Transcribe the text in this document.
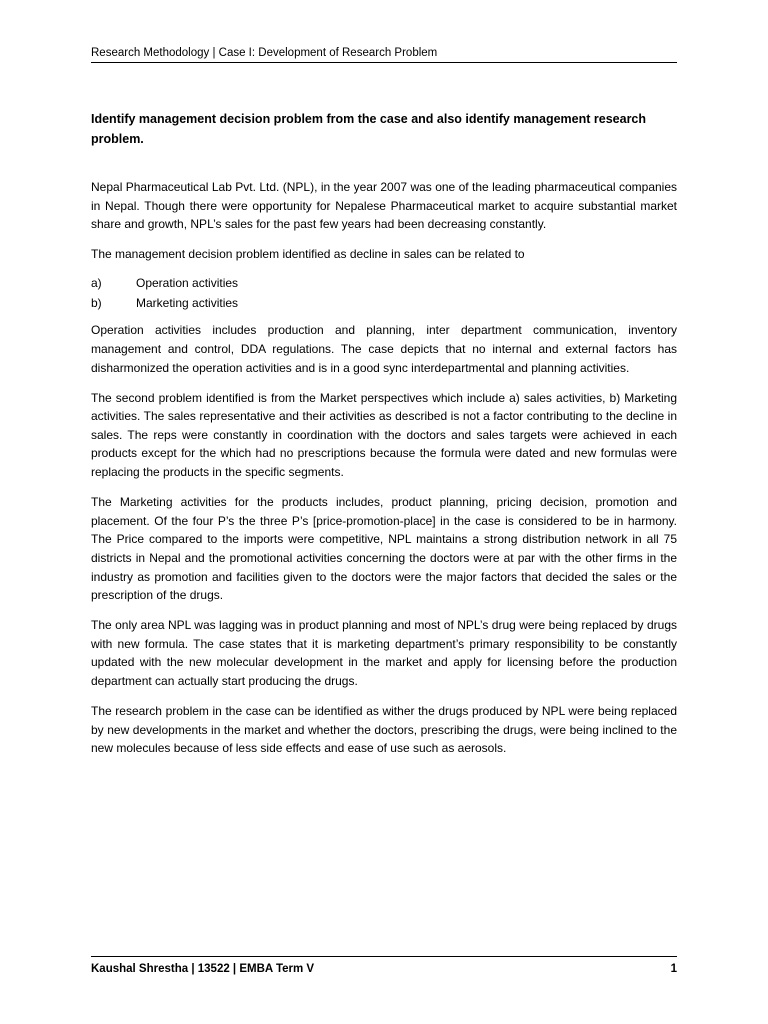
Research Methodology | Case I: Development of Research Problem
Identify management decision problem from the case and also identify management research problem.

Nepal Pharmaceutical Lab Pvt. Ltd. (NPL), in the year 2007 was one of the leading pharmaceutical companies in Nepal. Though there were opportunity for Nepalese Pharmaceutical market to acquire substantial market share and growth, NPL’s sales for the past few years had been decreasing constantly.

The management decision problem identified as decline in sales can be related to

a)	Operation activities
b)	Marketing activities

Operation activities includes production and planning, inter department communication, inventory management and control, DDA regulations. The case depicts that no internal and external factors has disharmonized the operation activities and is in a good sync interdepartmental and planning activities.

The second problem identified is from the Market perspectives which include a) sales activities, b) Marketing activities. The sales representative and their activities as described is not a factor contributing to the decline in sales. The reps were constantly in coordination with the doctors and sales targets were achieved in each products except for the which had no prescriptions because the formula were dated and new formulas were replacing the products in the specific segments.

The Marketing activities for the products includes, product planning, pricing decision, promotion and placement. Of the four P’s the three P’s [price-promotion-place] in the case is considered to be in harmony. The Price compared to the imports were competitive, NPL maintains a strong distribution network in all 75 districts in Nepal and the promotional activities concerning the doctors were at par with the other firms in the industry as promotion and facilities given to the doctors were the major factors that decided the sales or the prescription of the drugs.

The only area NPL was lagging was in product planning and most of NPL’s drug were being replaced by drugs with new formula. The case states that it is marketing department’s primary responsibility to be constantly updated with the new molecular development in the market and apply for licensing before the production department can actually start producing the drugs.

The research problem in the case can be identified as wither the drugs produced by NPL were being replaced by new developments in the market and whether the doctors, prescribing the drugs, were being inclined to the new molecules because of less side effects and ease of use such as aerosols.

Kaushal Shrestha | 13522 | EMBA Term V	1
